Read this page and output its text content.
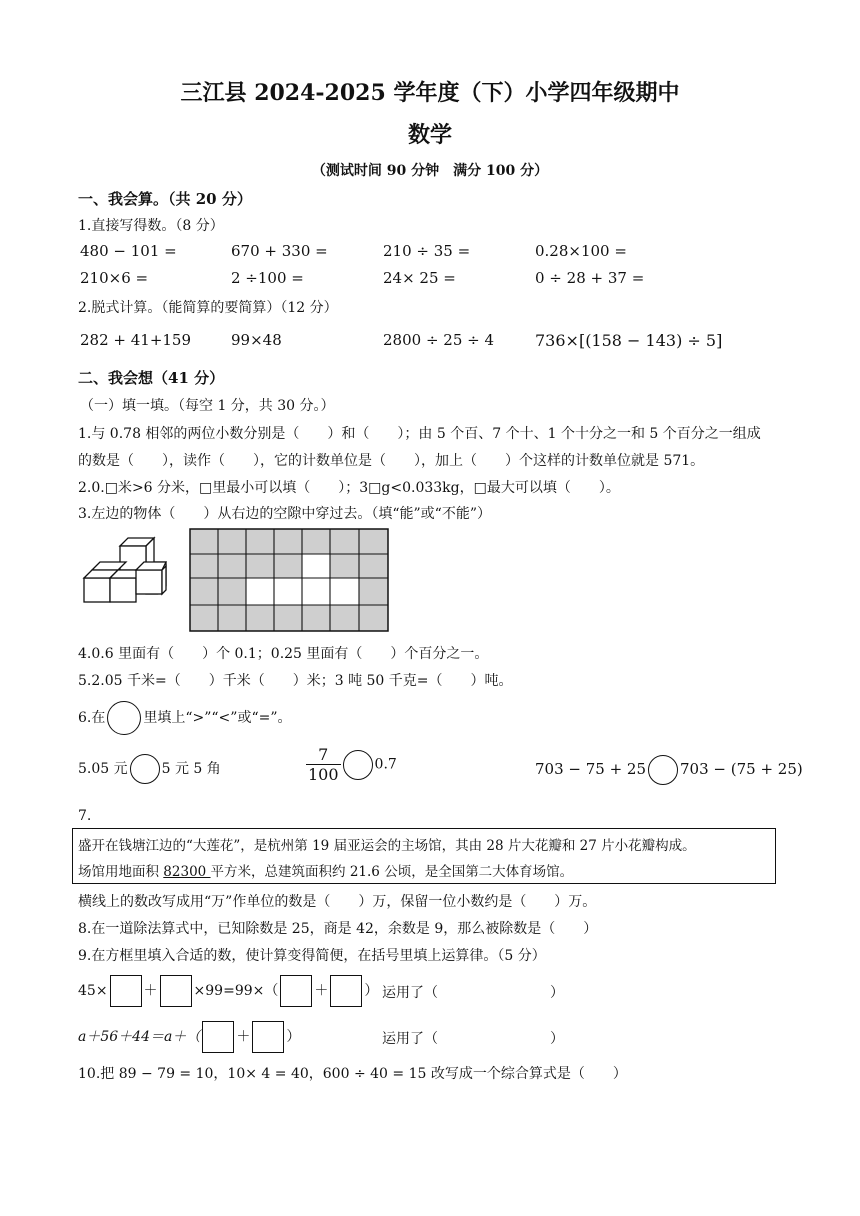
三江县 2024-2025 学年度（下）小学四年级期中
数学
（测试时间 90 分钟　满分 100 分）
一、我会算。（共 20 分）
1.直接写得数。（8 分）
480 − 101 =	670 + 330 =	210 ÷ 35 =	0.28×100 =
210×6 =	2 ÷100 =	24× 25 =	0 ÷ 28 + 37 =
2.脱式计算。（能简算的要简算）（12 分）
282 + 41+159	99×48	2800 ÷ 25 ÷ 4	736×[(158 − 143) ÷ 5]
二、我会想（41 分）
（一）填一填。（每空 1 分，共 30 分。）
1.与 0.78 相邻的两位小数分别是（　　）和（　　）；由 5 个百、7 个十、1 个十分之一和 5 个百分之一组成
的数是（　　），读作（　　），它的计数单位是（　　），加上（　　）个这样的计数单位就是 571。
2.0.□米>6 分米，□里最小可以填（　　）；3□g<0.033kg，□最大可以填（　　）。
3.左边的物体（　　）从右边的空隙中穿过去。（填“能”或“不能”）
4.0.6 里面有（　　）个 0.1；0.25 里面有（　　）个百分之一。
5.2.05 千米=（　　）千米（　　）米；3 吨 50 千克=（　　）吨。
6.在	里填上“>”“<”或“=”。
5.05 元 5 元 5 角	$\frac{7}{100} 0.7$	703 − 75 + 25 703 − (75 + 25)
7.
盛开在钱塘江边的“大莲花”，是杭州第 19 届亚运会的主场馆，其由 28 片大花瓣和 27 片小花瓣构成。
场馆用地面积 82300 平方米，总建筑面积约 21.6 公顷，是全国第二大体育场馆。
横线上的数改写成用“万”作单位的数是（　　）万，保留一位小数约是（　　）万。
8.在一道除法算式中，已知除数是 25，商是 42，余数是 9，那么被除数是（　　）
9.在方框里填入合适的数，使计算变得简便，在括号里填上运算律。（5 分）
45×	＋	×99=99×（	＋	） 运用了（　　　　　　　　）
a＋56＋44＝a＋（	＋	）	运用了（　　　　　　　　）
10.把 89 − 79 = 10，10× 4 = 40，600 ÷ 40 = 15 改写成一个综合算式是（　　）
